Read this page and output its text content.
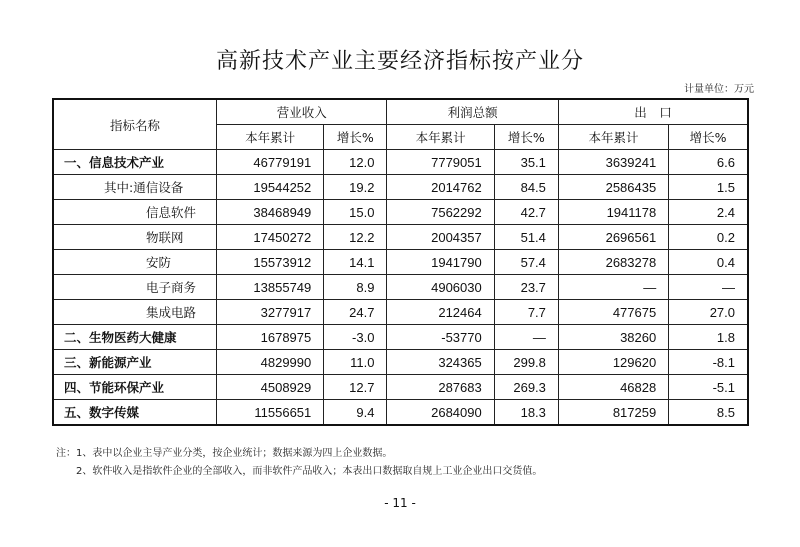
高新技术产业主要经济指标按产业分
计量单位：万元
指标名称	营业收入		利润总额		出　口	
	本年累计	增长%	本年累计	增长%	本年累计	增长%
一、信息技术产业	46779191	12.0	7779051	35.1	3639241	6.6
其中:通信设备	19544252	19.2	2014762	84.5	2586435	1.5
信息软件	38468949	15.0	7562292	42.7	1941178	2.4
物联网	17450272	12.2	2004357	51.4	2696561	0.2
安防	15573912	14.1	1941790	57.4	2683278	0.4
电子商务	13855749	8.9	4906030	23.7	—	—
集成电路	3277917	24.7	212464	7.7	477675	27.0
二、生物医药大健康	1678975	-3.0	-53770	—	38260	1.8
三、新能源产业	4829990	11.0	324365	299.8	129620	-8.1
四、节能环保产业	4508929	12.7	287683	269.3	46828	-5.1
五、数字传媒	11556651	9.4	2684090	18.3	817259	8.5
注：1、表中以企业主导产业分类，按企业统计；数据来源为四上企业数据。
2、软件收入是指软件企业的全部收入，而非软件产品收入；本表出口数据取自规上工业企业出口交货值。
- 11 -
